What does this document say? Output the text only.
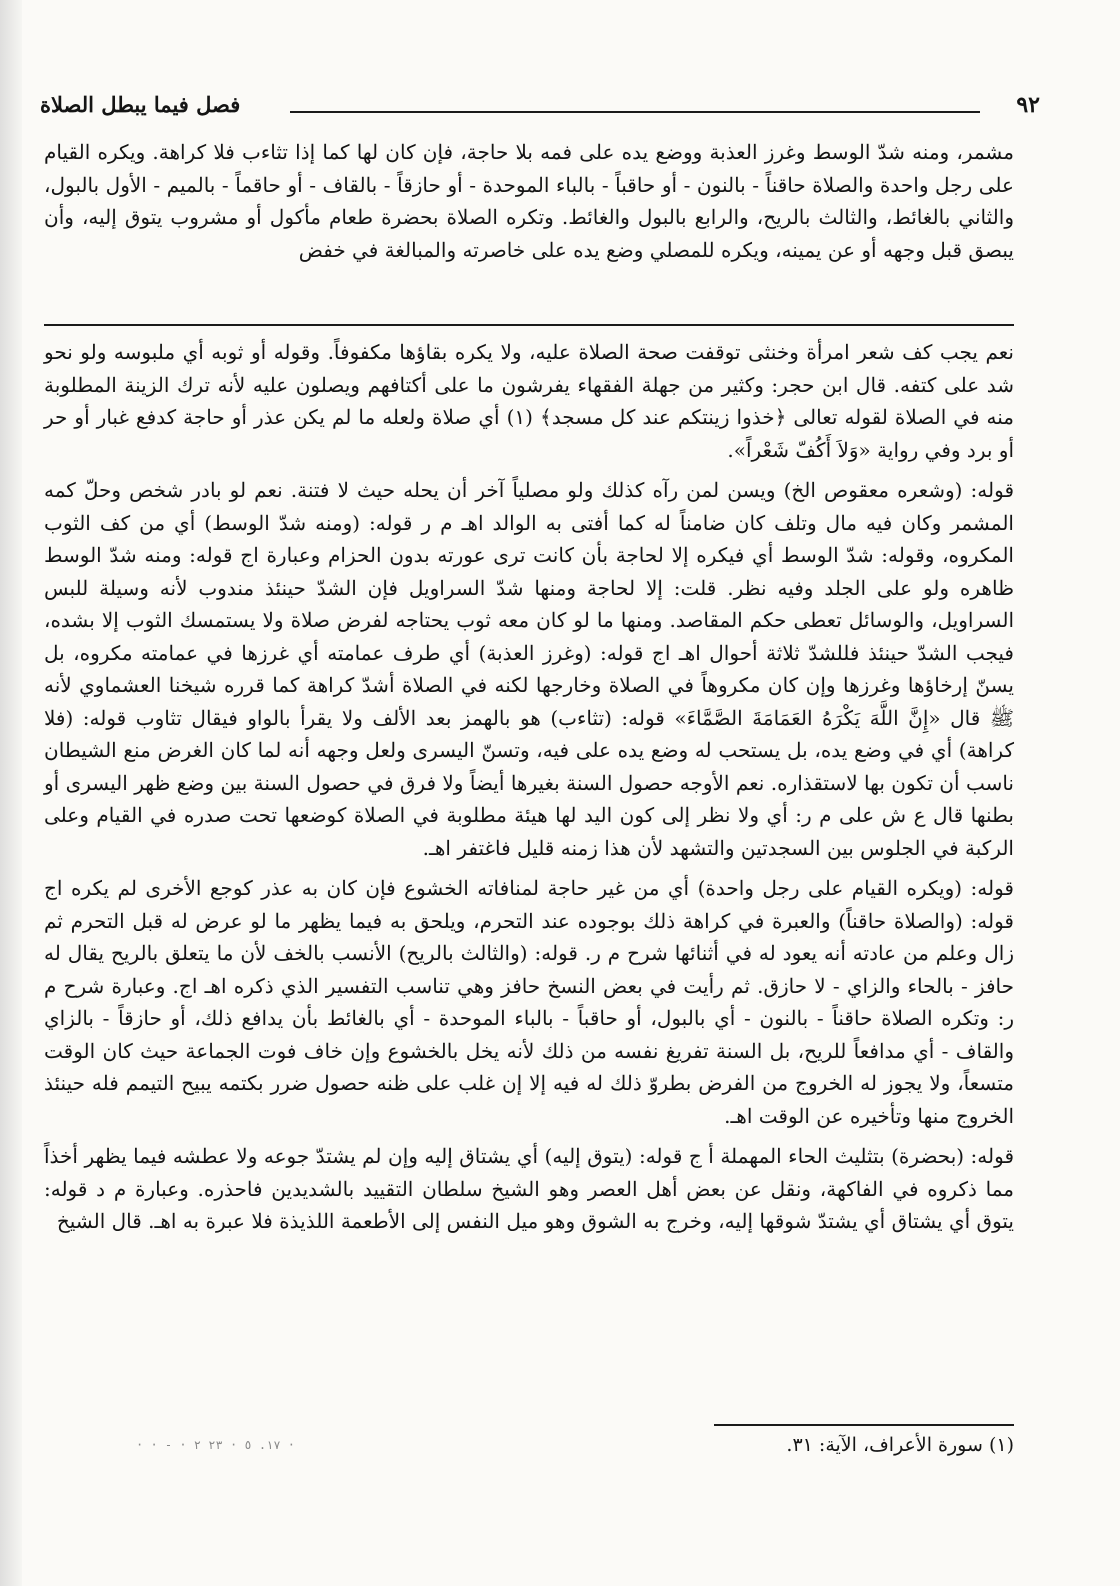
٩٢
فصل فيما يبطل الصلاة
مشمر، ومنه شدّ الوسط وغرز العذبة ووضع يده على فمه بلا حاجة، فإن كان لها كما إذا تثاءب فلا كراهة. ويكره القيام على رجل واحدة والصلاة حاقناً - بالنون - أو حاقباً - بالباء الموحدة - أو حازقاً - بالقاف - أو حاقماً - بالميم - الأول بالبول، والثاني بالغائط، والثالث بالريح، والرابع بالبول والغائط. وتكره الصلاة بحضرة طعام مأكول أو مشروب يتوق إليه، وأن يبصق قبل وجهه أو عن يمينه، ويكره للمصلي وضع يده على خاصرته والمبالغة في خفض

نعم يجب كف شعر امرأة وخنثى توقفت صحة الصلاة عليه، ولا يكره بقاؤها مكفوفاً. وقوله أو ثوبه أي ملبوسه ولو نحو شد على كتفه. قال ابن حجر: وكثير من جهلة الفقهاء يفرشون ما على أكتافهم ويصلون عليه لأنه ترك الزينة المطلوبة منه في الصلاة لقوله تعالى ﴿خذوا زينتكم عند كل مسجد﴾ (١) أي صلاة ولعله ما لم يكن عذر أو حاجة كدفع غبار أو حر أو برد وفي رواية «وَلاَ أَكُفّ شَعْراً».

قوله: (وشعره معقوص الخ) ويسن لمن رآه كذلك ولو مصلياً آخر أن يحله حيث لا فتنة. نعم لو بادر شخص وحلّ كمه المشمر وكان فيه مال وتلف كان ضامناً له كما أفتى به الوالد اهـ م ر قوله: (ومنه شدّ الوسط) أي من كف الثوب المكروه، وقوله: شدّ الوسط أي فيكره إلا لحاجة بأن كانت ترى عورته بدون الحزام وعبارة اج قوله: ومنه شدّ الوسط ظاهره ولو على الجلد وفيه نظر. قلت: إلا لحاجة ومنها شدّ السراويل فإن الشدّ حينئذ مندوب لأنه وسيلة للبس السراويل، والوسائل تعطى حكم المقاصد. ومنها ما لو كان معه ثوب يحتاجه لفرض صلاة ولا يستمسك الثوب إلا بشده، فيجب الشدّ حينئذ فللشدّ ثلاثة أحوال اهـ اج قوله: (وغرز العذبة) أي طرف عمامته أي غرزها في عمامته مكروه، بل يسنّ إرخاؤها وغرزها وإن كان مكروهاً في الصلاة وخارجها لكنه في الصلاة أشدّ كراهة كما قرره شيخنا العشماوي لأنه ﷺ قال «إِنَّ اللَّهَ يَكْرَهُ العَمَامَةَ الصَّمَّاءَ» قوله: (تثاءب) هو بالهمز بعد الألف ولا يقرأ بالواو فيقال تثاوب قوله: (فلا كراهة) أي في وضع يده، بل يستحب له وضع يده على فيه، وتسنّ اليسرى ولعل وجهه أنه لما كان الغرض منع الشيطان ناسب أن تكون بها لاستقذاره. نعم الأوجه حصول السنة بغيرها أيضاً ولا فرق في حصول السنة بين وضع ظهر اليسرى أو بطنها قال ع ش على م ر: أي ولا نظر إلى كون اليد لها هيئة مطلوبة في الصلاة كوضعها تحت صدره في القيام وعلى الركبة في الجلوس بين السجدتين والتشهد لأن هذا زمنه قليل فاغتفر اهـ.

قوله: (ويكره القيام على رجل واحدة) أي من غير حاجة لمنافاته الخشوع فإن كان به عذر كوجع الأخرى لم يكره اج قوله: (والصلاة حاقناً) والعبرة في كراهة ذلك بوجوده عند التحرم، ويلحق به فيما يظهر ما لو عرض له قبل التحرم ثم زال وعلم من عادته أنه يعود له في أثنائها شرح م ر. قوله: (والثالث بالريح) الأنسب بالخف لأن ما يتعلق بالريح يقال له حافز - بالحاء والزاي - لا حازق. ثم رأيت في بعض النسخ حافز وهي تناسب التفسير الذي ذكره اهـ اج. وعبارة شرح م ر: وتكره الصلاة حاقناً - بالنون - أي بالبول، أو حاقباً - بالباء الموحدة - أي بالغائط بأن يدافع ذلك، أو حازقاً - بالزاي والقاف - أي مدافعاً للريح، بل السنة تفريغ نفسه من ذلك لأنه يخل بالخشوع وإن خاف فوت الجماعة حيث كان الوقت متسعاً، ولا يجوز له الخروج من الفرض بطروّ ذلك له فيه إلا إن غلب على ظنه حصول ضرر بكتمه يبيح التيمم فله حينئذ الخروج منها وتأخيره عن الوقت اهـ.

قوله: (بحضرة) بتثليث الحاء المهملة أ ج قوله: (يتوق إليه) أي يشتاق إليه وإن لم يشتدّ جوعه ولا عطشه فيما يظهر أخذاً مما ذكروه في الفاكهة، ونقل عن بعض أهل العصر وهو الشيخ سلطان التقييد بالشديدين فاحذره. وعبارة م د قوله: يتوق أي يشتاق أي يشتدّ شوقها إليه، وخرج به الشوق وهو ميل النفس إلى الأطعمة اللذيذة فلا عبرة به اهـ. قال الشيخ

(١) سورة الأعراف، الآية: ٣١.
· · - · ١٧. ٥ · ٢٣ ٢ ·
